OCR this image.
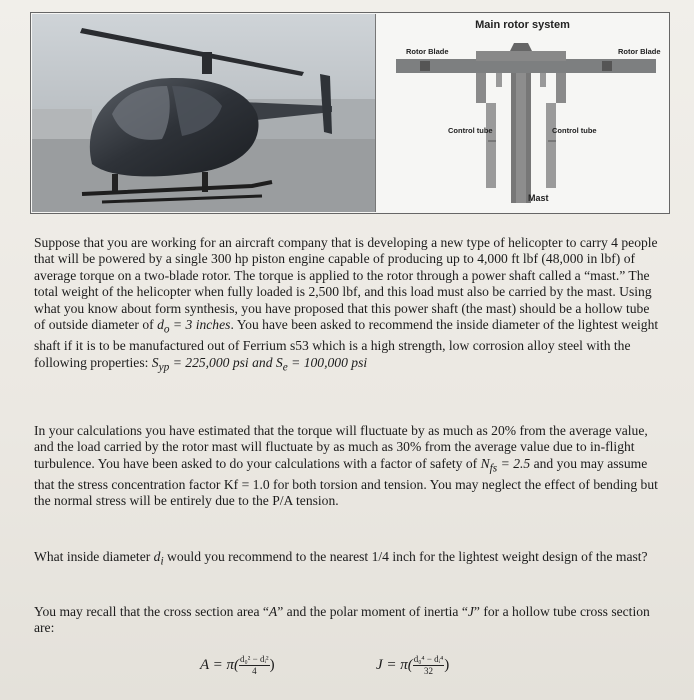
Main rotor system
Rotor Blade	Rotor Blade
Control tube	Control tube
Mast

Suppose that you are working for an aircraft company that is developing a new type of helicopter to carry 4 people that will be powered by a single 300 hp piston engine capable of producing up to 4,000 ft lbf (48,000 in lbf) of average torque on a two-blade rotor. The torque is applied to the rotor through a power shaft called a “mast.” The total weight of the helicopter when fully loaded is 2,500 lbf, and this load must also be carried by the mast. Using what you know about form synthesis, you have proposed that this power shaft (the mast) should be a hollow tube of outside diameter of $d_o = 3$ inches. You have been asked to recommend the inside diameter of the lightest weight shaft if it is to be manufactured out of Ferrium s53 which is a high strength, low corrosion alloy steel with the following properties: $S_{yp} = 225,000$ psi and $S_e = 100,000$ psi

In your calculations you have estimated that the torque will fluctuate by as much as 20% from the average value, and the load carried by the rotor mast will fluctuate by as much as 30% from the average value due to in-flight turbulence. You have been asked to do your calculations with a factor of safety of $N_{fs} = 2.5$ and you may assume that the stress concentration factor Kf = 1.0 for both torsion and tension. You may neglect the effect of bending but the normal stress will be entirely due to the P/A tension.

What inside diameter $d_i$ would you recommend to the nearest 1/4 inch for the lightest weight design of the mast?

You may recall that the cross section area “A” and the polar moment of inertia “J” for a hollow tube cross section are:

$A = \pi( \frac{\text{d₀² − dᵢ²}}{4}$ )	$J = \pi( \frac{\text{d₀⁴ − dᵢ⁴}}{32}$ )
